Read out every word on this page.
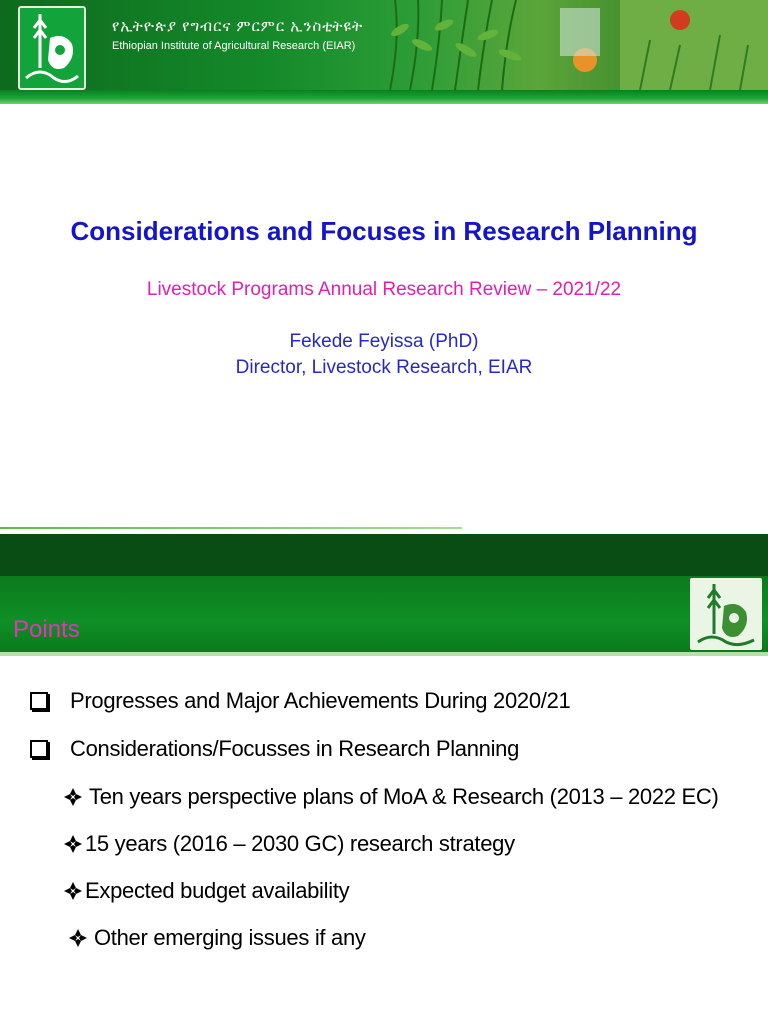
የኢትዮጵያ የግብርና ምርምር ኢንስቲትዩት
Ethiopian Institute of Agricultural Research (EIAR)
Considerations and Focuses in Research Planning
Livestock Programs Annual Research Review – 2021/22
Fekede Feyissa (PhD)
Director, Livestock Research, EIAR
Points
Progresses and Major Achievements During 2020/21
Considerations/Focusses in Research Planning
Ten years perspective plans of MoA & Research (2013 – 2022 EC)
15 years (2016 – 2030 GC) research strategy
Expected budget availability
Other emerging issues if any
